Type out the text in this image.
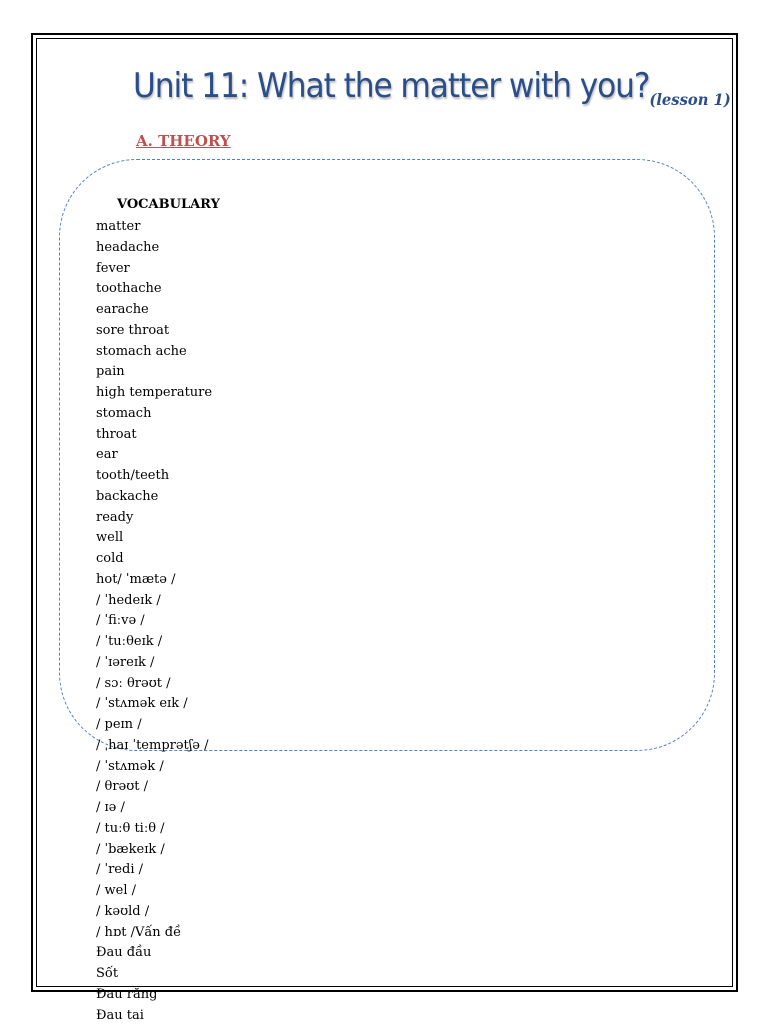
Unit 11: What the matter with $you?_{(lesson 1)}$
A. THEORY
VOCABULARY
matter
headache
fever
toothache
earache
sore throat
stomach ache
pain
high temperature
stomach
throat
ear
tooth/teeth
backache
ready
well
cold
hot/ ˈmætə /
/ ˈhedeɪk /
/ ˈfiːvə /
/ ˈtuːθeɪk /
/ ˈɪəreɪk /
/ sɔː θrəʊt /
/ ˈstʌmək eɪk /
/ peɪn /
/ ˌhaɪ ˈtemprətʃə /
/ ˈstʌmək /
/ θrəʊt /
/ ɪə /
/ tuːθ tiːθ /
/ ˈbækeɪk /
/ ˈredi /
/ wel /
/ kəʊld /
/ hɒt /Vấn đề
Đau đầu
Sốt
Đau răng
Đau tai
